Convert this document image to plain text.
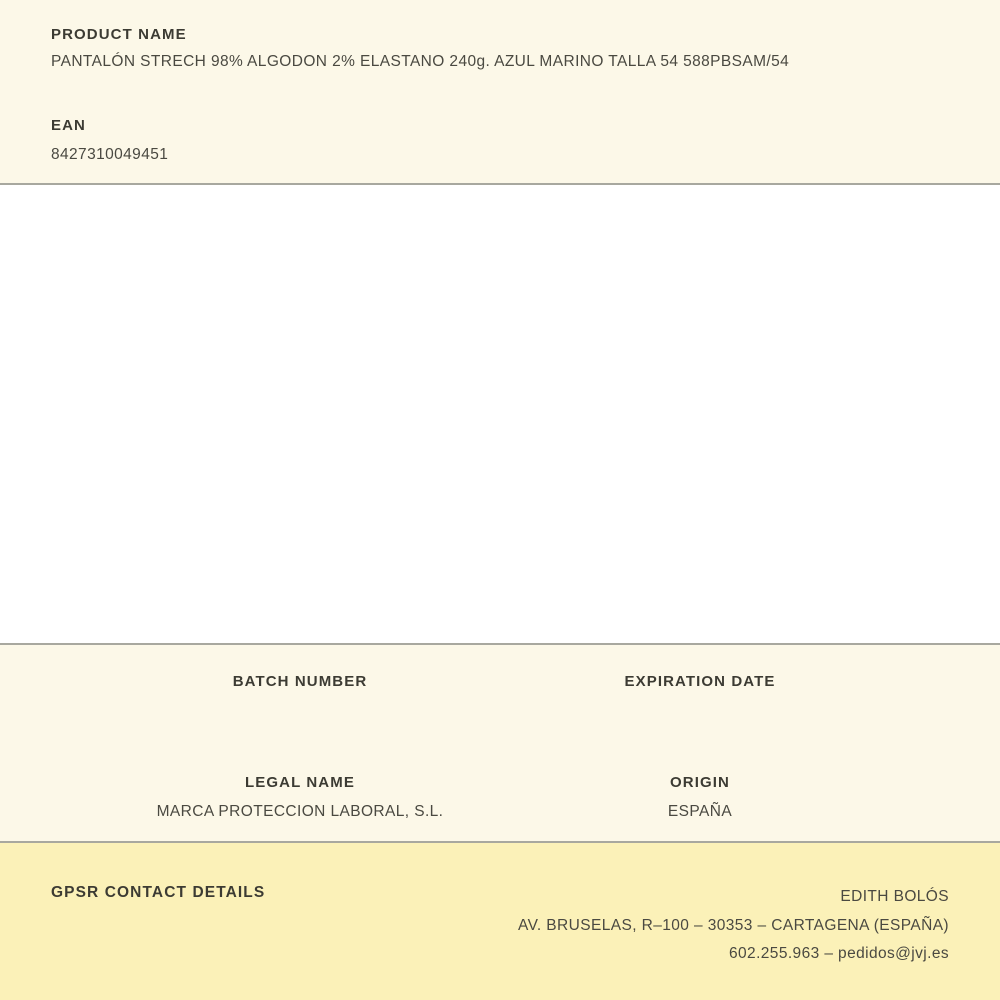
PRODUCT NAME
PANTALÓN STRECH 98% ALGODON 2% ELASTANO 240g. AZUL MARINO TALLA 54 588PBSAM/54
EAN
8427310049451
BATCH NUMBER	EXPIRATION DATE
LEGAL NAME
MARCA PROTECCION LABORAL, S.L.
ORIGIN
ESPAÑA
GPSR CONTACT DETAILS	EDITH BOLÓS
AV. BRUSELAS, R–100 – 30353 – CARTAGENA (ESPAÑA)
602.255.963 – pedidos@jvj.es
